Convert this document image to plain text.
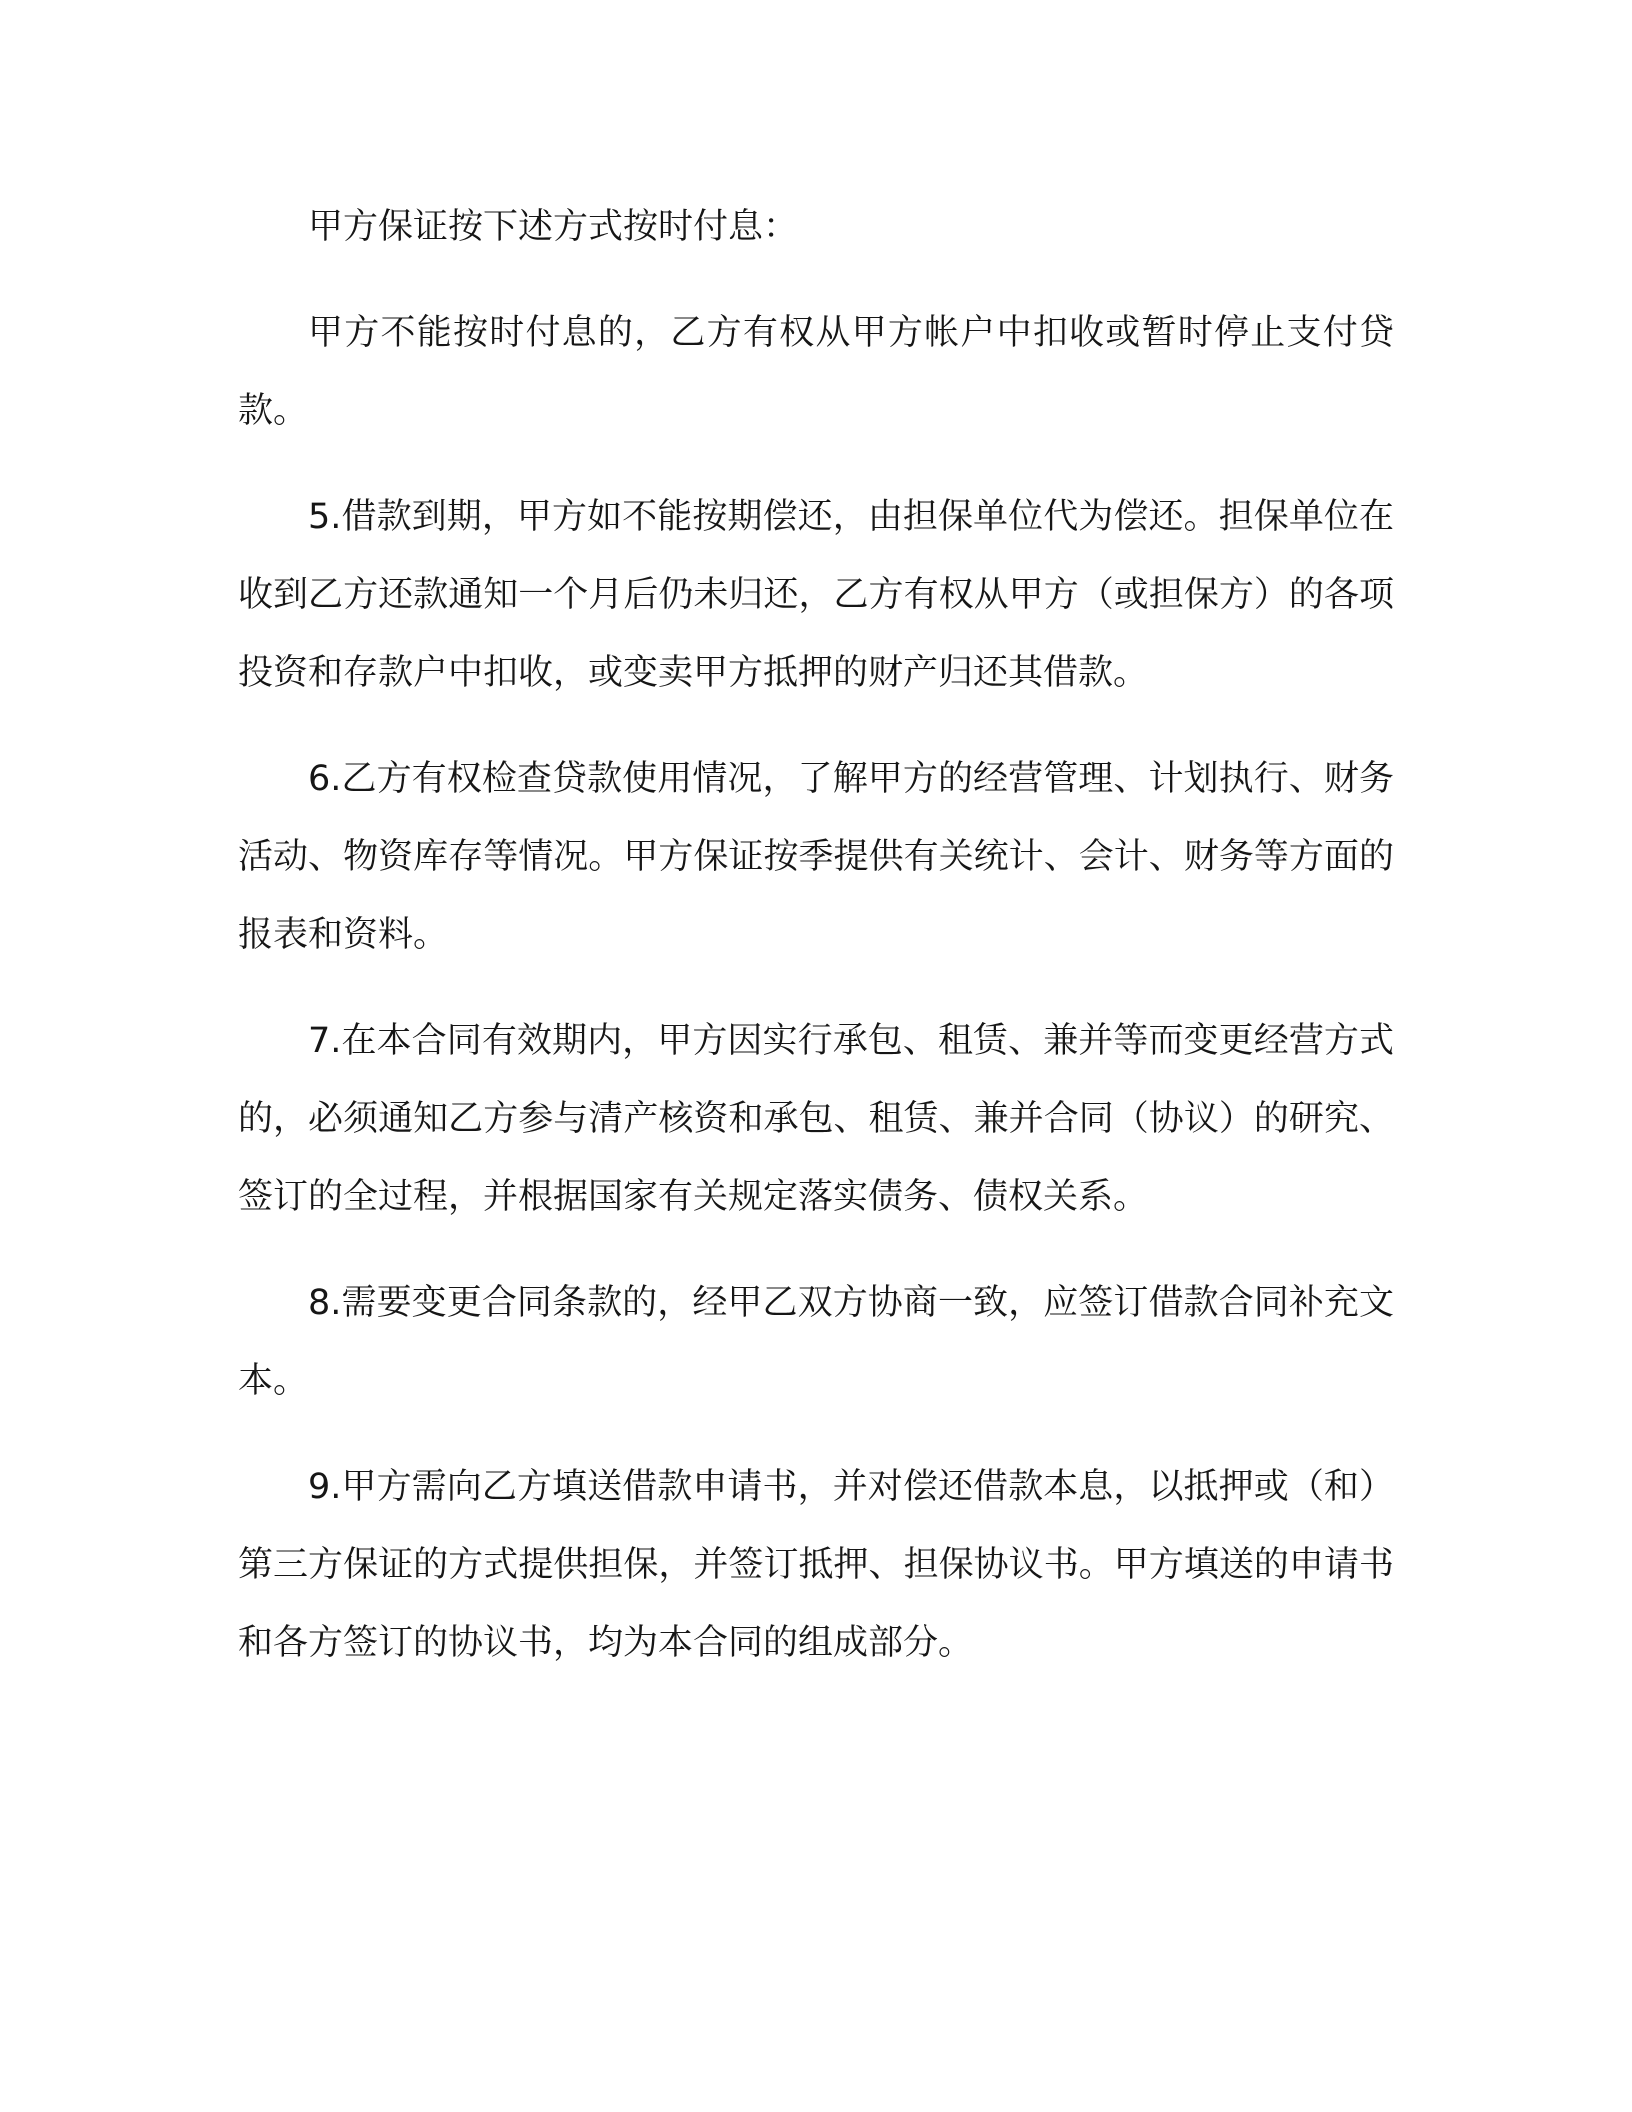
甲方保证按下述方式按时付息：

甲方不能按时付息的，乙方有权从甲方帐户中扣收或暂时停止支付贷款。

5.借款到期，甲方如不能按期偿还，由担保单位代为偿还。担保单位在收到乙方还款通知一个月后仍未归还，乙方有权从甲方（或担保方）的各项投资和存款户中扣收，或变卖甲方抵押的财产归还其借款。

6.乙方有权检查贷款使用情况，了解甲方的经营管理、计划执行、财务活动、物资库存等情况。甲方保证按季提供有关统计、会计、财务等方面的报表和资料。

7.在本合同有效期内，甲方因实行承包、租赁、兼并等而变更经营方式的，必须通知乙方参与清产核资和承包、租赁、兼并合同（协议）的研究、签订的全过程，并根据国家有关规定落实债务、债权关系。

8.需要变更合同条款的，经甲乙双方协商一致，应签订借款合同补充文本。

9.甲方需向乙方填送借款申请书，并对偿还借款本息，以抵押或（和）第三方保证的方式提供担保，并签订抵押、担保协议书。甲方填送的申请书和各方签订的协议书，均为本合同的组成部分。
